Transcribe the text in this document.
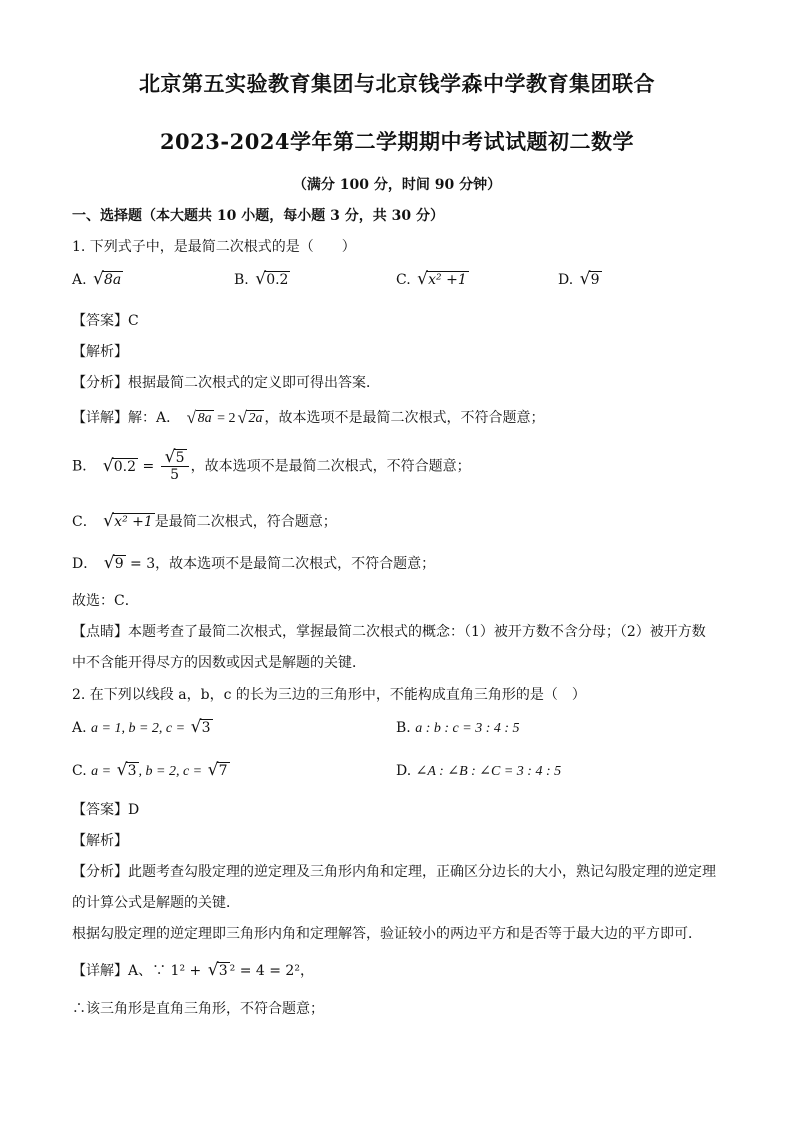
北京第五实验教育集团与北京钱学森中学教育集团联合
2023-2024学年第二学期期中考试试题初二数学
（满分 100 分，时间 90 分钟）
一、选择题（本大题共 10 小题，每小题 3 分，共 30 分）
1. 下列式子中，是最简二次根式的是（　　）
A. √ 8a	B. √ 0.2	C. √ x² +1	D. √ 9
【答案】C
【解析】
【分析】根据最简二次根式的定义即可得出答案．
【详解】解：A． √ 8a = 2 √ 2a ，故本选项不是最简二次根式，不符合题意；
B． √ 0.2 = √ $\frac{5}{5}$ ，故本选项不是最简二次根式，不符合题意；
C． √ x² +1 是最简二次根式，符合题意；
D． √ 9 = 3，故本选项不是最简二次根式，不符合题意；
故选：C．
【点睛】本题考查了最简二次根式，掌握最简二次根式的概念：（1）被开方数不含分母；（2）被开方数
中不含能开得尽方的因数或因式是解题的关键．
2. 在下列以线段 a，b，c 的长为三边的三角形中，不能构成直角三角形的是（　）
A. a = 1, b = 2, c = √ 3	B. a : b : c = 3 : 4 : 5
C. a = √ 3 , b = 2, c = √ 7	D. ∠A : ∠B : ∠C = 3 : 4 : 5
【答案】D
【解析】
【分析】此题考查勾股定理的逆定理及三角形内角和定理，正确区分边长的大小，熟记勾股定理的逆定理
的计算公式是解题的关键．
根据勾股定理的逆定理即三角形内角和定理解答，验证较小的两边平方和是否等于最大边的平方即可．
【详解】A、∵ 1² + √ 3 ² = 4 = 2²，
∴该三角形是直角三角形，不符合题意；
